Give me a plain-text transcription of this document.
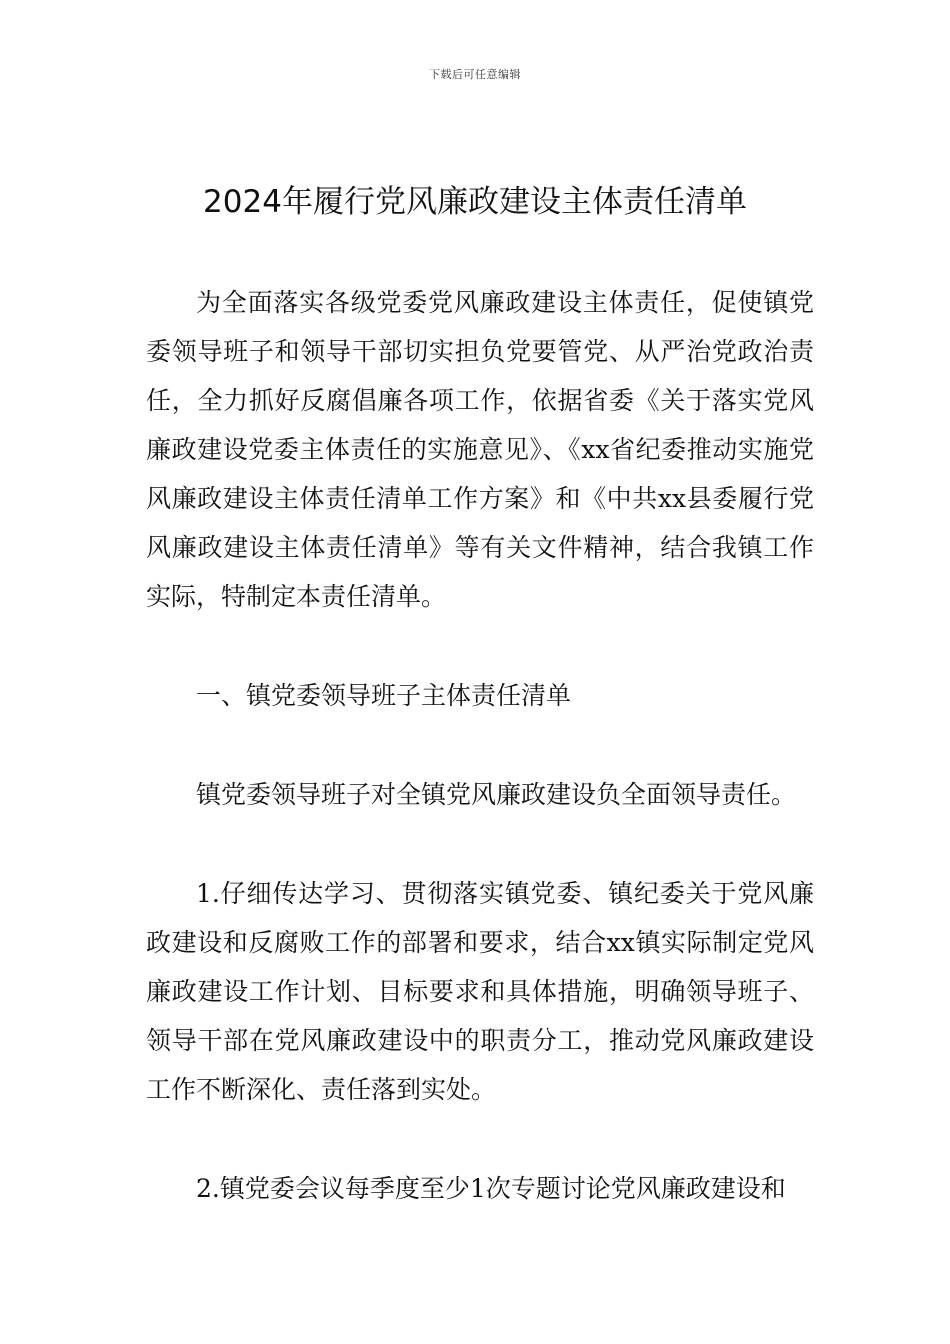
下载后可任意编辑
2024年履行党风廉政建设主体责任清单

为全面落实各级党委党风廉政建设主体责任，促使镇党委领导班子和领导干部切实担负党要管党、从严治党政治责任，全力抓好反腐倡廉各项工作，依据省委《关于落实党风廉政建设党委主体责任的实施意见》、《xx省纪委推动实施党风廉政建设主体责任清单工作方案》和《中共xx县委履行党风廉政建设主体责任清单》等有关文件精神，结合我镇工作实际，特制定本责任清单。

一、镇党委领导班子主体责任清单

镇党委领导班子对全镇党风廉政建设负全面领导责任。

1.仔细传达学习、贯彻落实镇党委、镇纪委关于党风廉政建设和反腐败工作的部署和要求，结合xx镇实际制定党风廉政建设工作计划、目标要求和具体措施，明确领导班子、领导干部在党风廉政建设中的职责分工，推动党风廉政建设工作不断深化、责任落到实处。

2.镇党委会议每季度至少1次专题讨论党风廉政建设和
